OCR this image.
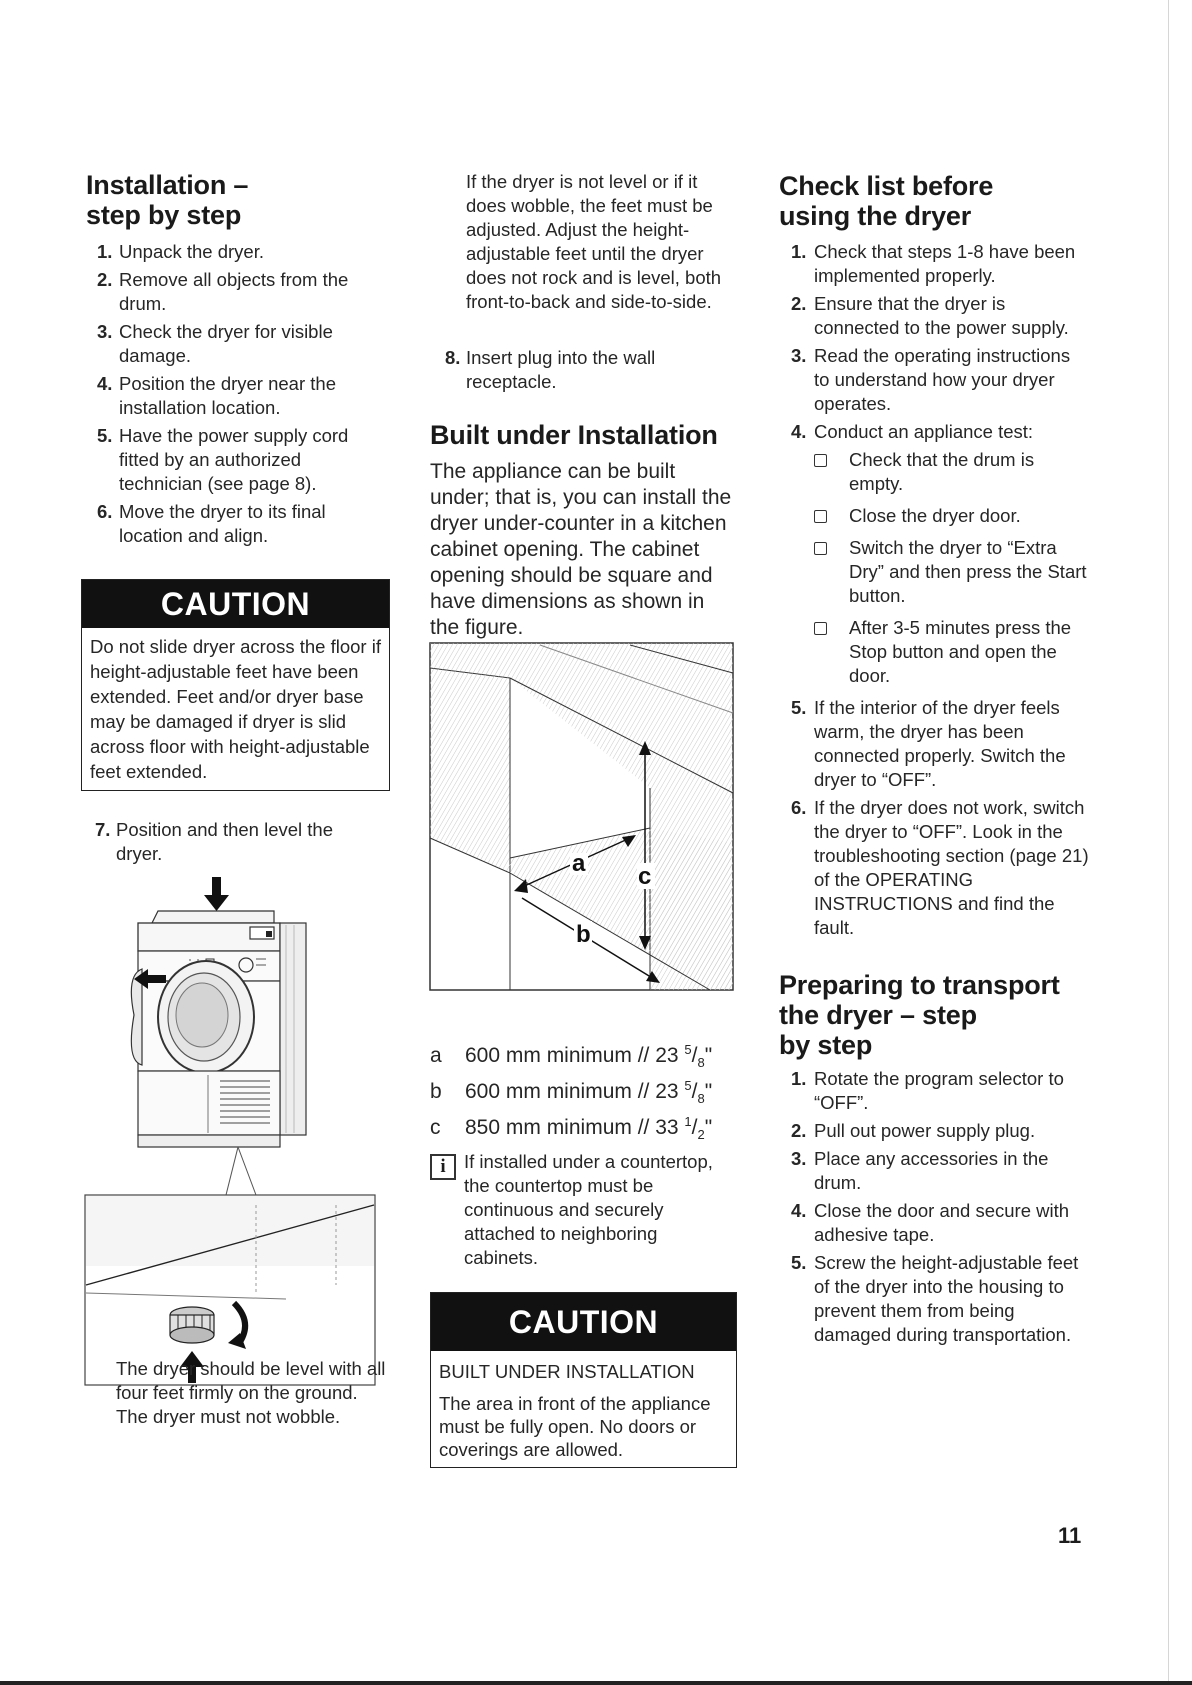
Installation –
step by step
1. Unpack the dryer.
2. Remove all objects from the drum.
3. Check the dryer for visible damage.
4. Position the dryer near the installation location.
5. Have the power supply cord fitted by an authorized technician (see page 8).
6. Move the dryer to its final location and align.
CAUTION
Do not slide dryer across the floor if height-adjustable feet have been extended. Feet and/or dryer base may be damaged if dryer is slid across floor with height-adjustable feet extended.
7. Position and then level the dryer.

The dryer should be level with all four feet firmly on the ground. The dryer must not wobble.

If the dryer is not level or if it does wobble, the feet must be adjusted. Adjust the height-adjustable feet until the dryer does not rock and is level, both front-to-back and side-to-side.

8. Insert plug into the wall receptacle.
Built under Installation

The appliance can be built under; that is, you can install the dryer under-counter in a kitchen cabinet opening. The cabinet opening should be square and have dimensions as shown in the figure.

a c
b
a 600 mm minimum // 23 $^5/_8$"
b 600 mm minimum // 23 $^5/_8$"
c 850 mm minimum // 33 $^1/_2$"
i If installed under a countertop, the countertop must be continuous and securely attached to neighboring cabinets.

CAUTION
BUILT UNDER INSTALLATION
The area in front of the appliance must be fully open. No doors or coverings are allowed.
Check list before
using the dryer
1. Check that steps 1-8 have been implemented properly.
2. Ensure that the dryer is connected to the power supply.
3. Read the operating instructions to understand how your dryer operates.
4. Conduct an appliance test:
Check that the drum is empty.
Close the dryer door.
Switch the dryer to “Extra Dry” and then press the Start button.
After 3-5 minutes press the Stop button and open the door.
5. If the interior of the dryer feels warm, the dryer has been connected properly. Switch the dryer to “OFF”.
6. If the dryer does not work, switch the dryer to “OFF”. Look in the troubleshooting section (page 21) of the OPERATING INSTRUCTIONS and find the fault.
Preparing to transport
the dryer – step
by step
1. Rotate the program selector to “OFF”.
2. Pull out power supply plug.
3. Place any accessories in the drum.
4. Close the door and secure with adhesive tape.
5. Screw the height-adjustable feet of the dryer into the housing to prevent them from being damaged during transportation.
11
